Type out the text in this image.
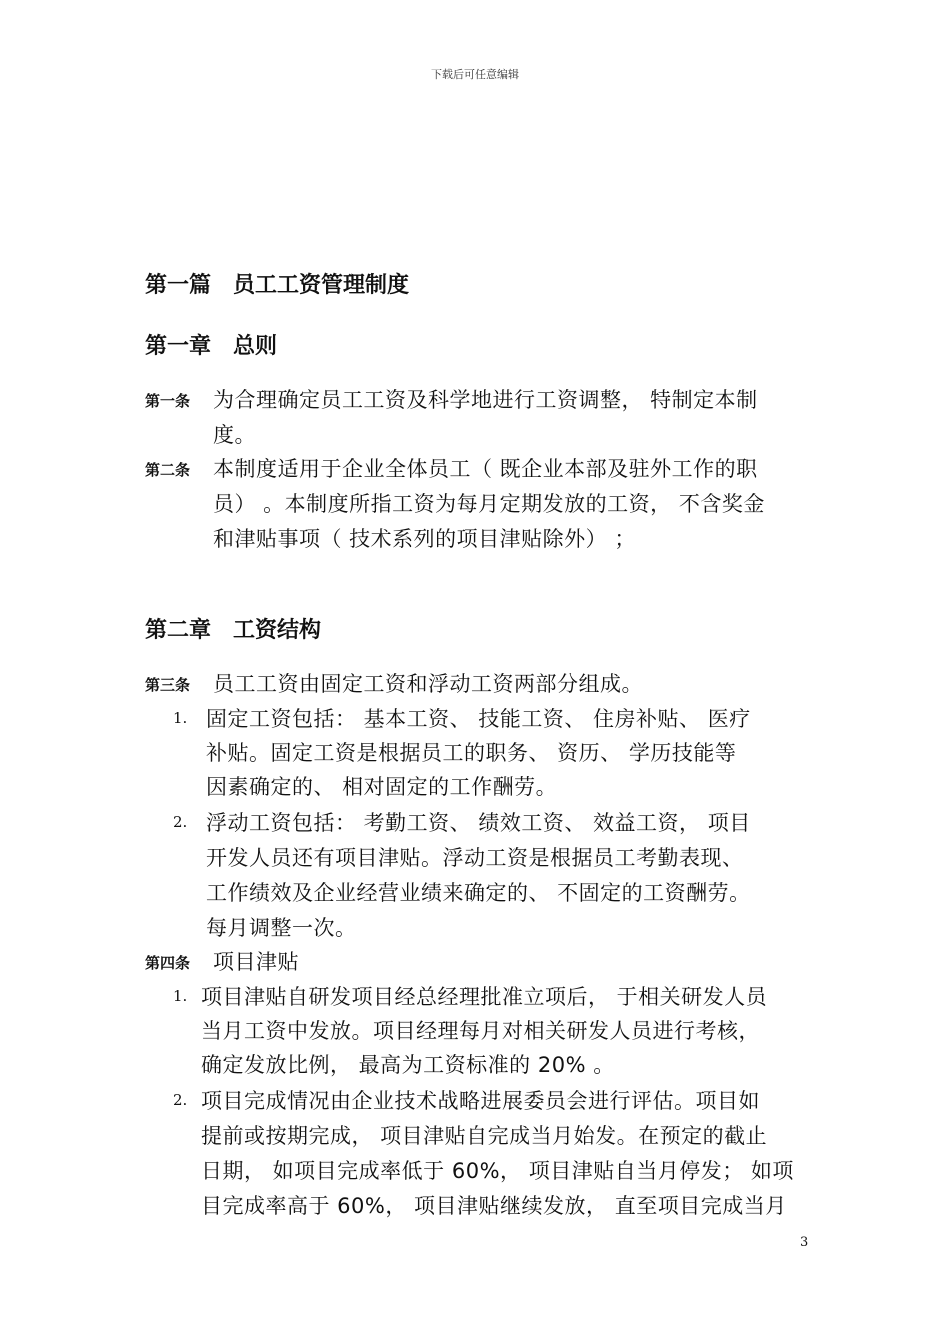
下载后可任意编辑
第一篇 员工工资管理制度
第一章 总则
第一条 为合理确定员工工资及科学地进行工资调整， 特制定本制
度。
第二条 本制度适用于企业全体员工（ 既企业本部及驻外工作的职
员） 。本制度所指工资为每月定期发放的工资， 不含奖金
和津贴事项（ 技术系列的项目津贴除外） ；
第二章 工资结构
第三条 员工工资由固定工资和浮动工资两部分组成。
1. 固定工资包括： 基本工资、 技能工资、 住房补贴、 医疗
补贴。固定工资是根据员工的职务、 资历、 学历技能等
因素确定的、 相对固定的工作酬劳。
2. 浮动工资包括： 考勤工资、 绩效工资、 效益工资， 项目
开发人员还有项目津贴。浮动工资是根据员工考勤表现、
工作绩效及企业经营业绩来确定的、 不固定的工资酬劳。
每月调整一次。
第四条 项目津贴
1. 项目津贴自研发项目经总经理批准立项后， 于相关研发人员
当月工资中发放。项目经理每月对相关研发人员进行考核，
确定发放比例， 最高为工资标准的 20% 。
2. 项目完成情况由企业技术战略进展委员会进行评估。项目如
提前或按期完成， 项目津贴自完成当月始发。在预定的截止
日期， 如项目完成率低于 60%， 项目津贴自当月停发； 如项
目完成率高于 60%， 项目津贴继续发放， 直至项目完成当月
3
